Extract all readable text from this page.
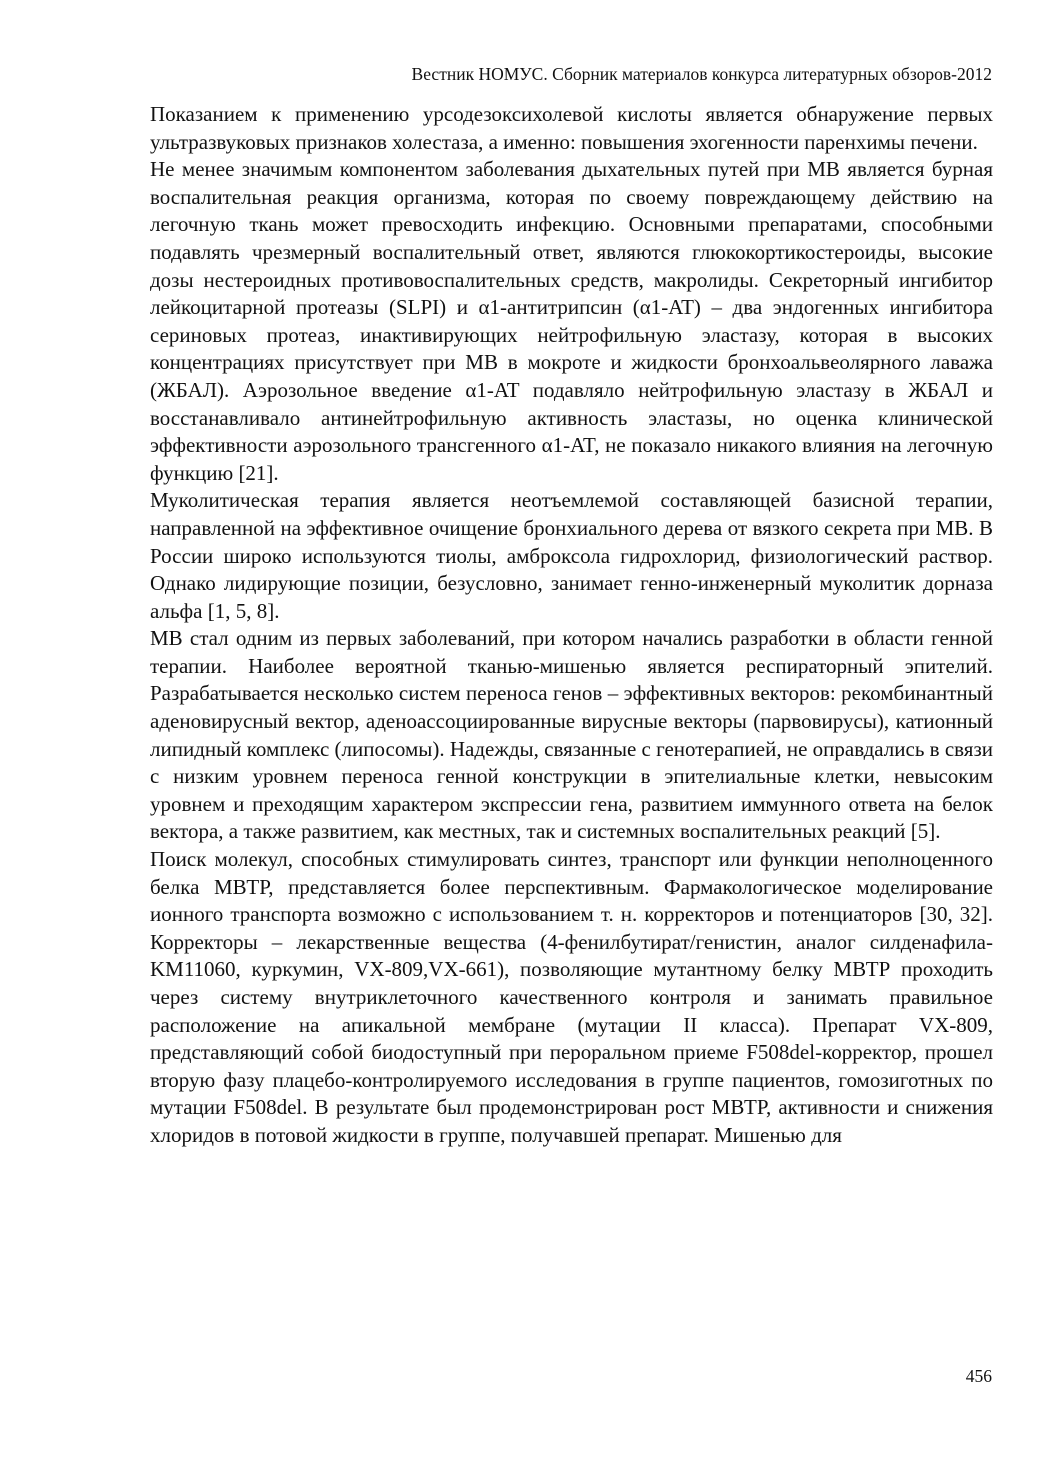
Вестник НОМУС. Сборник материалов конкурса литературных обзоров-2012

Показанием к применению урсодезоксихолевой кислоты является обнаружение первых ультразвуковых признаков холестаза, а именно: повышения эхогенности паренхимы печени.

Не менее значимым компонентом заболевания дыхательных путей при МВ является бурная воспалительная реакция организма, которая по своему повреждающему действию на легочную ткань может превосходить инфекцию. Основными препаратами, способными подавлять чрезмерный воспалительный ответ, являются глюкокортикостероиды, высокие дозы нестероидных противовоспалительных средств, макролиды. Секреторный ингибитор лейкоцитарной протеазы (SLPI) и α1-антитрипсин (α1-AT) – два эндогенных ингибитора сериновых протеаз, инактивирующих нейтрофильную эластазу, которая в высоких концентрациях присутствует при МВ в мокроте и жидкости бронхоальвеолярного лаважа (ЖБАЛ). Аэрозольное введение α1-AT подавляло нейтрофильную эластазу в ЖБАЛ и восстанавливало антинейтрофильную активность эластазы, но оценка клинической эффективности аэрозольного трансгенного α1-AT, не показало никакого влияния на легочную функцию [21].

Муколитическая терапия является неотъемлемой составляющей базисной терапии, направленной на эффективное очищение бронхиального дерева от вязкого секрета при МВ. В России широко используются тиолы, амброксола гидрохлорид, физиологический раствор. Однако лидирующие позиции, безусловно, занимает генно-инженерный муколитик дорназа альфа [1, 5, 8].

МВ стал одним из первых заболеваний, при котором начались разработки в области генной терапии. Наиболее вероятной тканью-мишенью является респираторный эпителий. Разрабатывается несколько систем переноса генов – эффективных векторов: рекомбинантный аденовирусный вектор, аденоассоциированные вирусные векторы (парвовирусы), катионный липидный комплекс (липосомы). Надежды, связанные с генотерапией, не оправдались в связи с низким уровнем переноса генной конструкции в эпителиальные клетки, невысоким уровнем и преходящим характером экспрессии гена, развитием иммунного ответа на белок вектора, а также развитием, как местных, так и системных воспалительных реакций [5].

Поиск молекул, способных стимулировать синтез, транспорт или функции неполноценного белка МВТР, представляется более перспективным. Фармакологическое моделирование ионного транспорта возможно с использованием т. н. корректоров и потенциаторов [30, 32]. Корректоры – лекарственные вещества (4-фенилбутират/генистин, аналог силденафила-KM11060, куркумин, VX-809,VX-661), позволяющие мутантному белку МВТР проходить через систему внутриклеточного качественного контроля и занимать правильное расположение на апикальной мембране (мутации II класса). Препарат VX-809, представляющий собой биодоступный при пероральном приеме F508del-корректор, прошел вторую фазу плацебо-контролируемого исследования в группе пациентов, гомозиготных по мутации F508del. В результате был продемонстрирован рост МВТР, активности и снижения хлоридов в потовой жидкости в группе, получавшей препарат. Мишенью для

456
